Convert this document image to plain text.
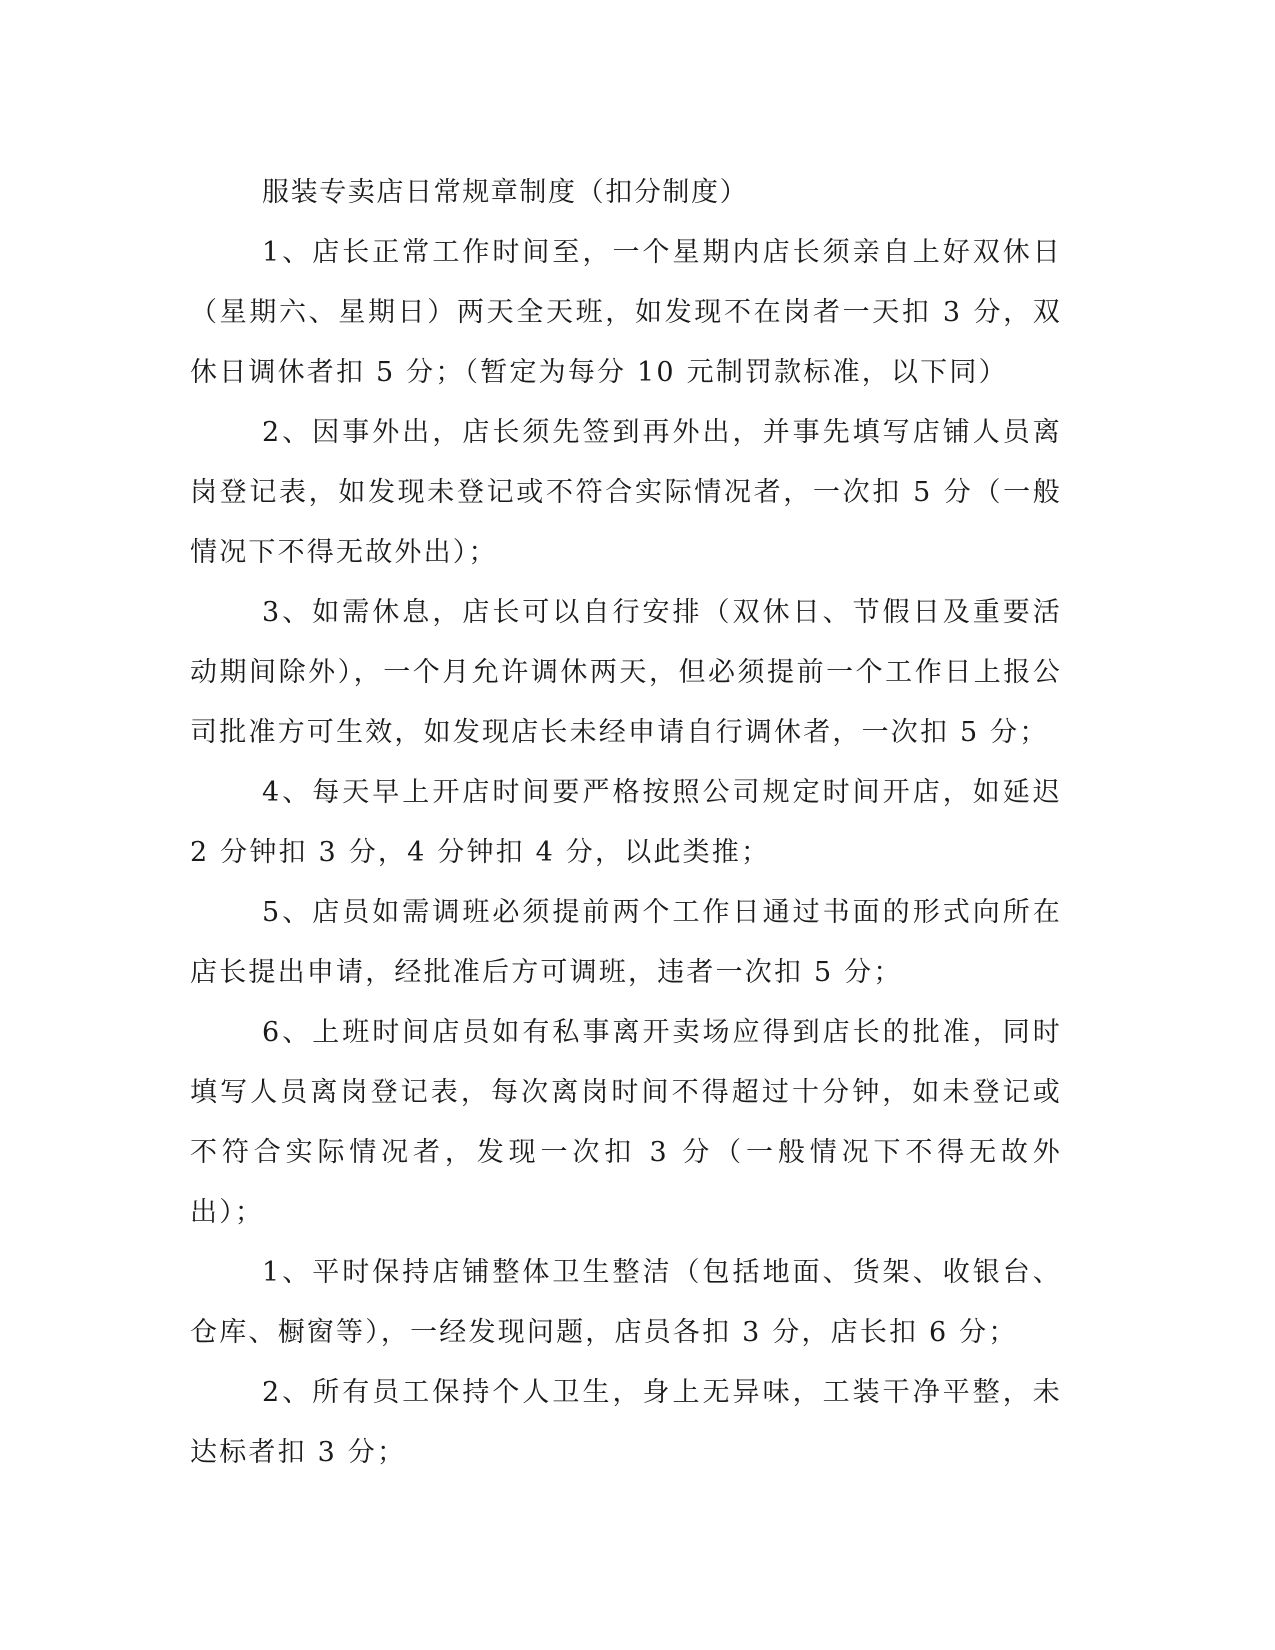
服装专卖店日常规章制度（扣分制度）

1、店长正常工作时间至，一个星期内店长须亲自上好双休日（星期六、星期日）两天全天班，如发现不在岗者一天扣 3 分，双休日调休者扣 5 分；（暂定为每分 10 元制罚款标准，以下同）

2、因事外出，店长须先签到再外出，并事先填写店铺人员离岗登记表，如发现未登记或不符合实际情况者，一次扣 5 分（一般情况下不得无故外出）；

3、如需休息，店长可以自行安排（双休日、节假日及重要活动期间除外），一个月允许调休两天，但必须提前一个工作日上报公司批准方可生效，如发现店长未经申请自行调休者，一次扣 5 分；

4、每天早上开店时间要严格按照公司规定时间开店，如延迟 2 分钟扣 3 分，4 分钟扣 4 分，以此类推；

5、店员如需调班必须提前两个工作日通过书面的形式向所在店长提出申请，经批准后方可调班，违者一次扣 5 分；

6、上班时间店员如有私事离开卖场应得到店长的批准，同时填写人员离岗登记表，每次离岗时间不得超过十分钟，如未登记或不符合实际情况者，发现一次扣 3 分（一般情况下不得无故外出）；

1、平时保持店铺整体卫生整洁（包括地面、货架、收银台、仓库、橱窗等），一经发现问题，店员各扣 3 分，店长扣 6 分；

2、所有员工保持个人卫生，身上无异味，工装干净平整，未达标者扣 3 分；
